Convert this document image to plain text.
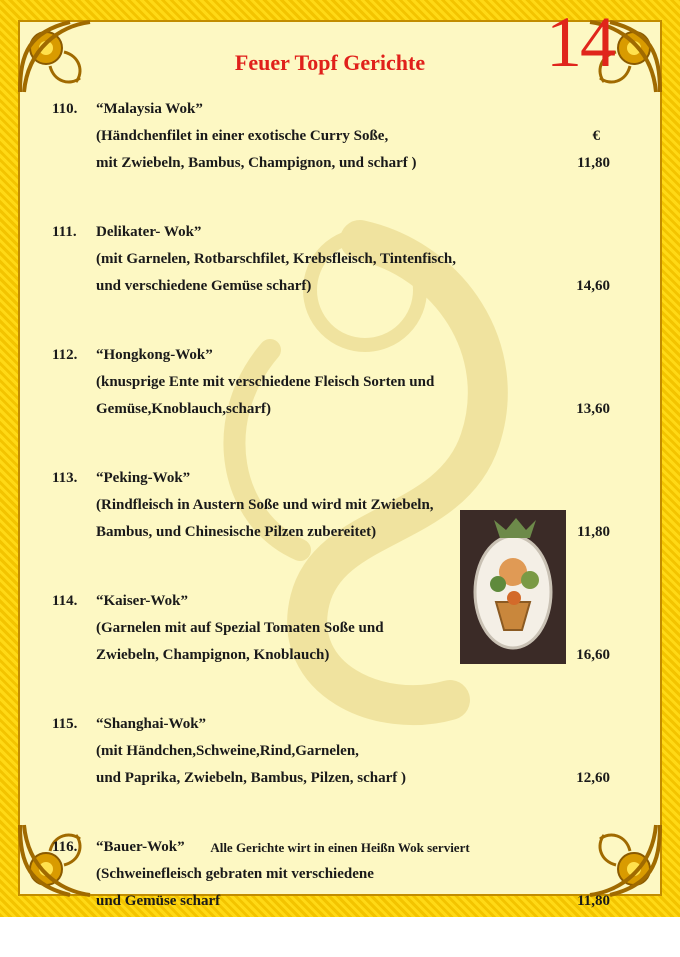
14
Feuer Topf Gerichte
110. “Malaysia Wok”
(Händchenfilet in einer exotische Curry Soße,	€
mit Zwiebeln, Bambus, Champignon, und scharf )	11,80
111. Delikater- Wok”
(mit Garnelen, Rotbarschfilet, Krebsfleisch, Tintenfisch,
und verschiedene Gemüse scharf)	14,60
112. “Hongkong-Wok”
(knusprige Ente mit verschiedene Fleisch Sorten und
Gemüse,Knoblauch,scharf)	13,60
113. “Peking-Wok”
(Rindfleisch in Austern Soße und wird mit Zwiebeln,
Bambus, und Chinesische Pilzen zubereitet)	11,80
114. “Kaiser-Wok”
(Garnelen mit auf Spezial Tomaten Soße und
Zwiebeln, Champignon, Knoblauch)	16,60
115. “Shanghai-Wok”
(mit Händchen,Schweine,Rind,Garnelen,
und Paprika, Zwiebeln, Bambus, Pilzen, scharf )	12,60
116. “Bauer-Wok”
(Schweinefleisch gebraten mit verschiedene
und Gemüse scharf	11,80
Alle Gerichte wirt in einen Heißn Wok serviert
